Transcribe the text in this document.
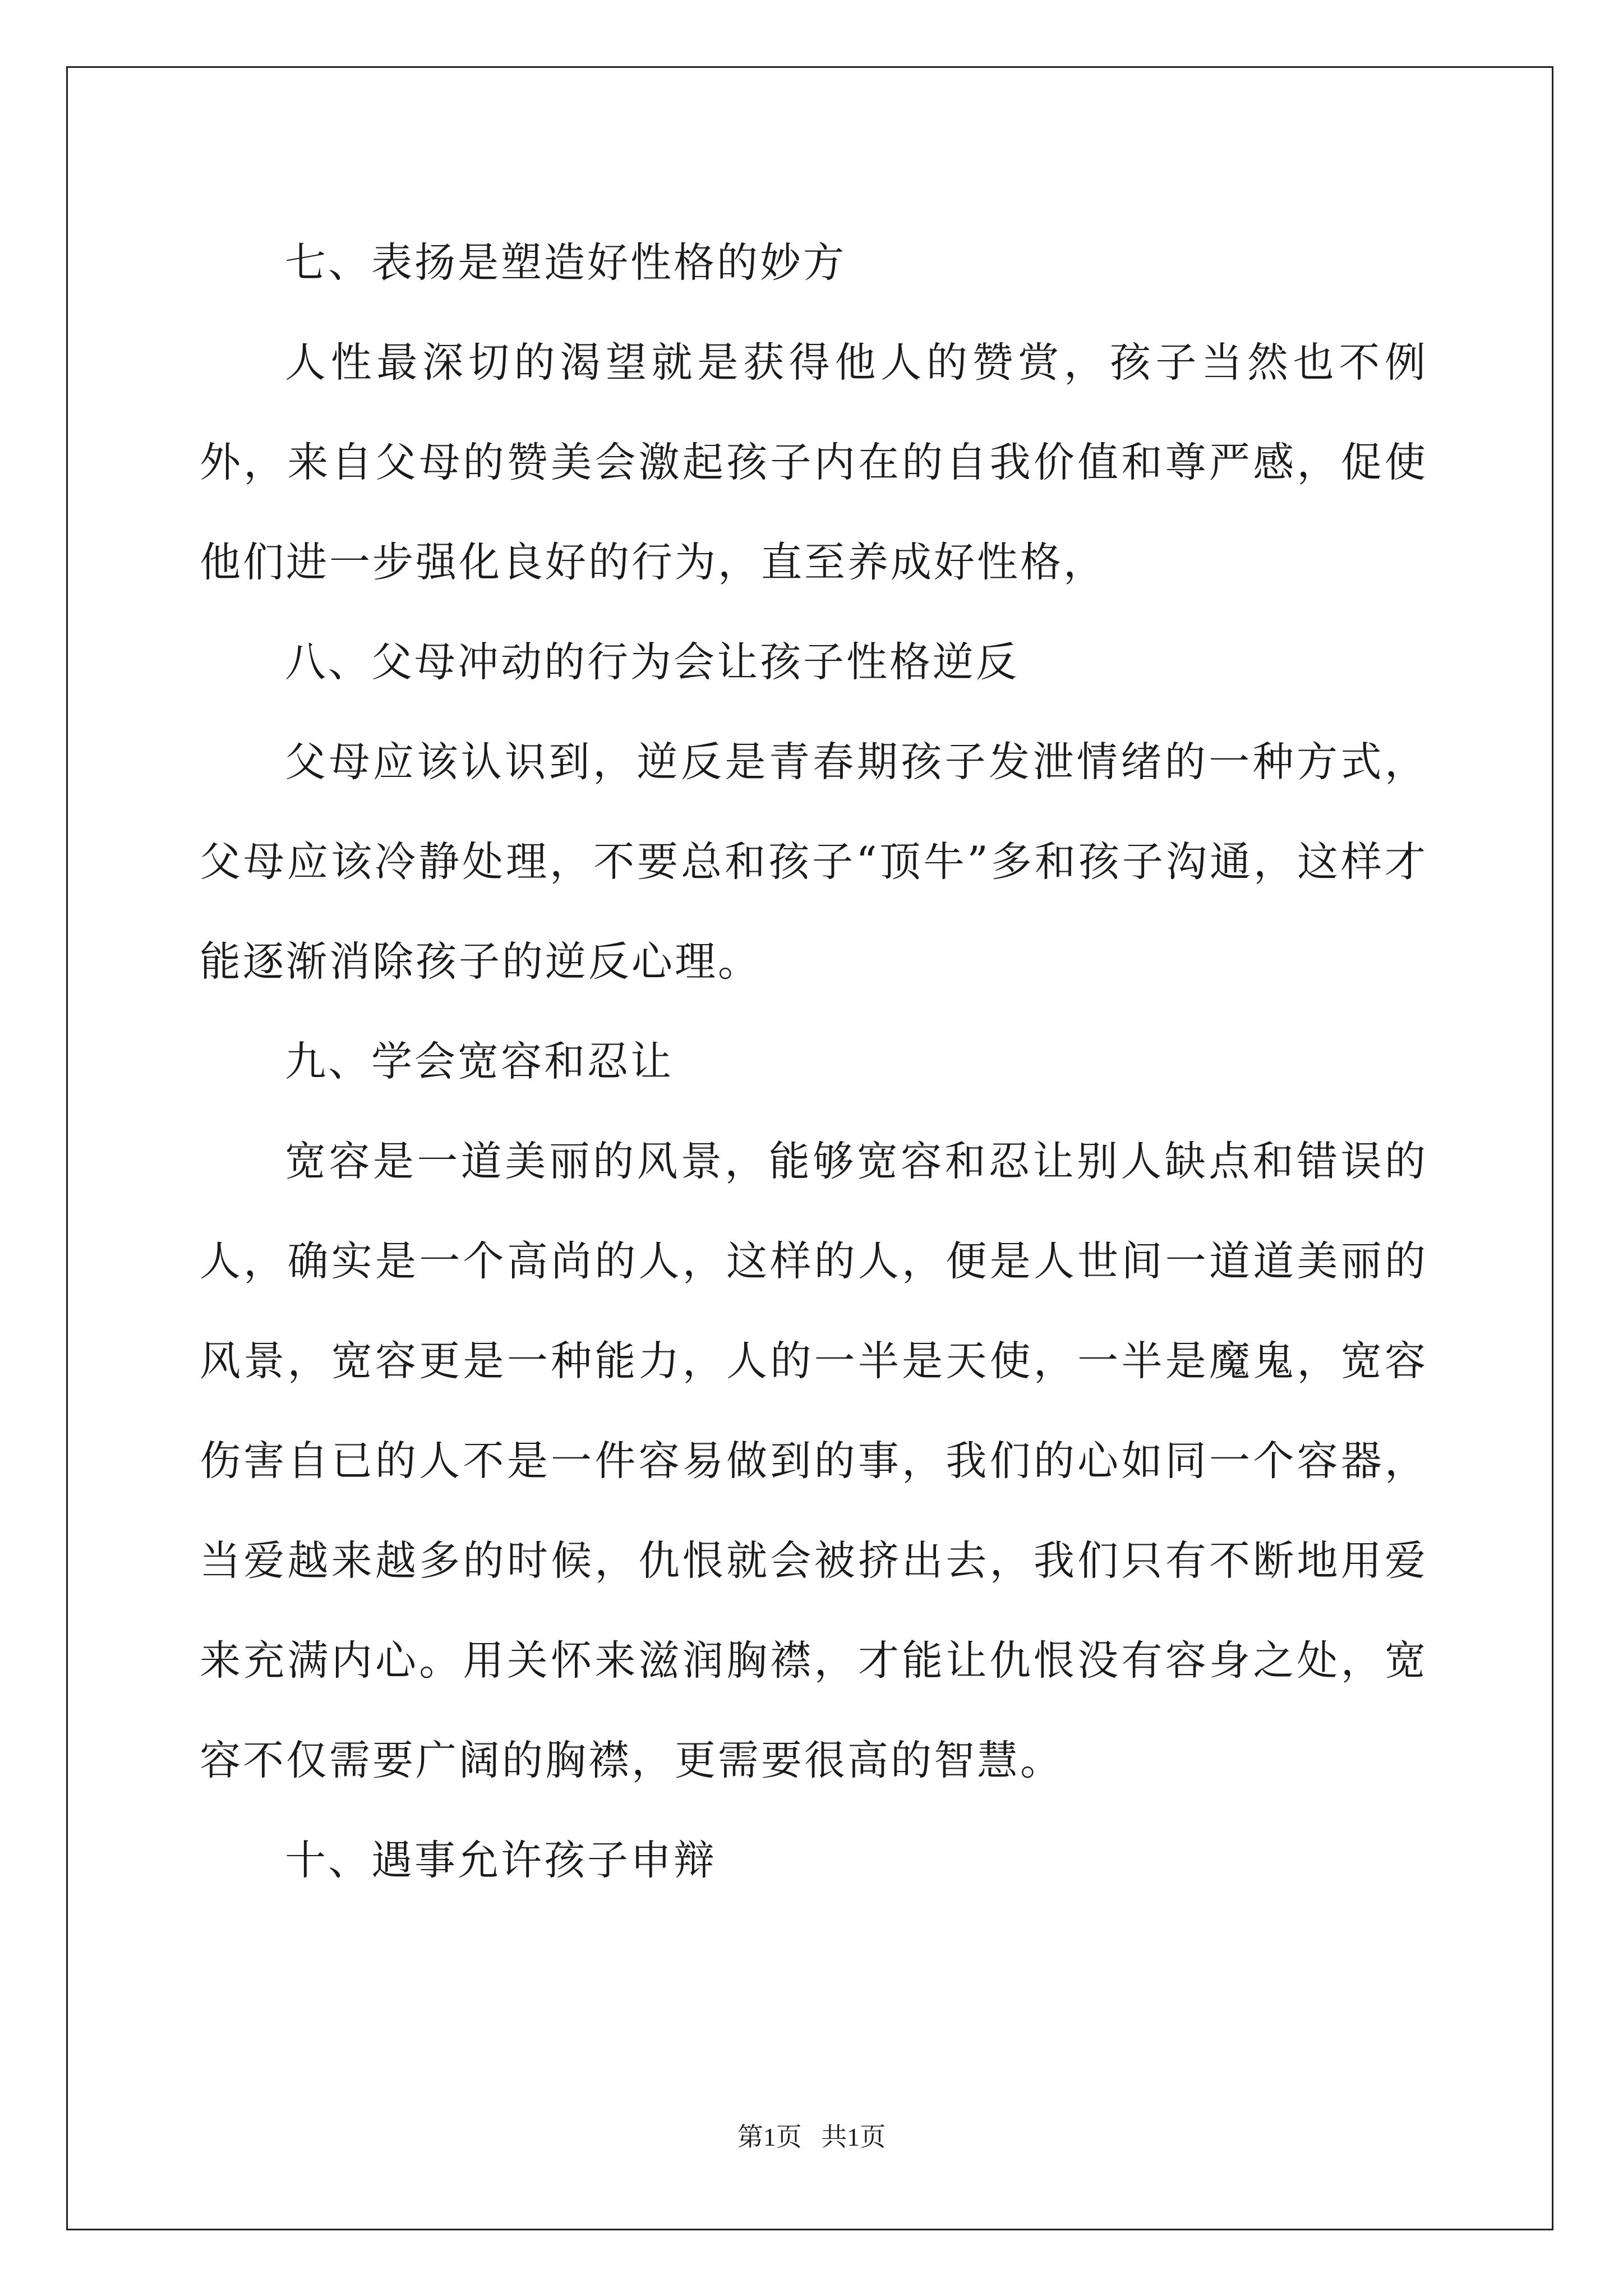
七、表扬是塑造好性格的妙方

人性最深切的渴望就是获得他人的赞赏，孩子当然也不例外，来自父母的赞美会激起孩子内在的自我价值和尊严感，促使他们进一步强化良好的行为，直至养成好性格，

八、父母冲动的行为会让孩子性格逆反

父母应该认识到，逆反是青春期孩子发泄情绪的一种方式，父母应该冷静处理，不要总和孩子“顶牛”多和孩子沟通，这样才能逐渐消除孩子的逆反心理。

九、学会宽容和忍让

宽容是一道美丽的风景，能够宽容和忍让别人缺点和错误的人，确实是一个高尚的人，这样的人，便是人世间一道道美丽的风景，宽容更是一种能力，人的一半是天使，一半是魔鬼，宽容伤害自已的人不是一件容易做到的事，我们的心如同一个容器，当爱越来越多的时候，仇恨就会被挤出去，我们只有不断地用爱来充满内心。用关怀来滋润胸襟，才能让仇恨没有容身之处，宽容不仅需要广阔的胸襟，更需要很高的智慧。

十、遇事允许孩子申辩

第1页   共1页
